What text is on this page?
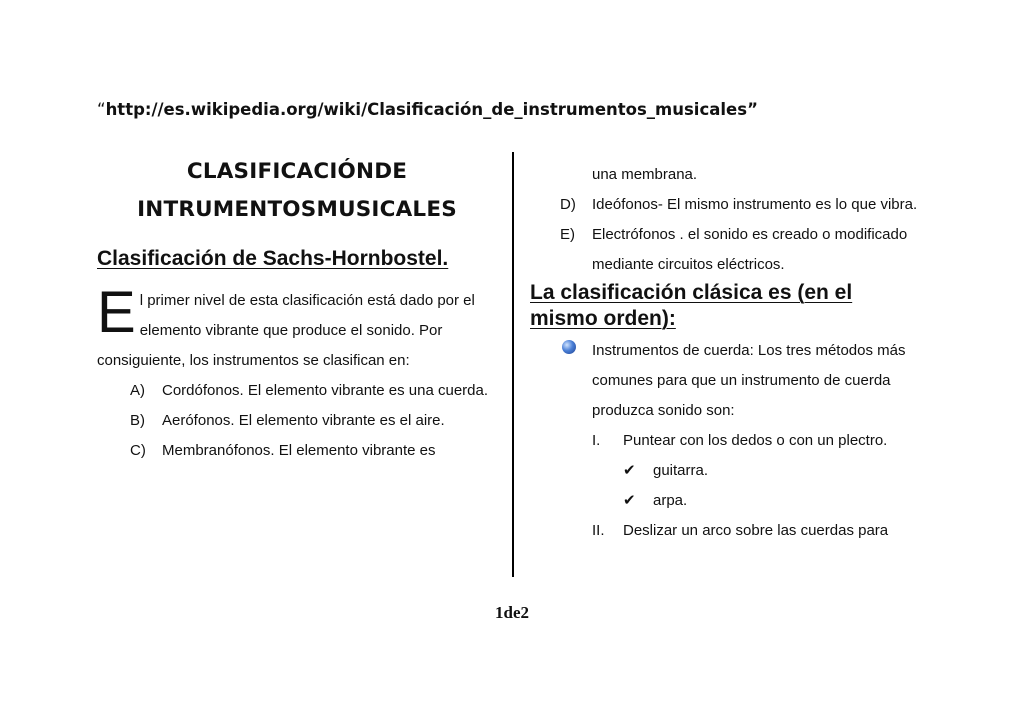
“http://es.wikipedia.org/wiki/Clasificación_de_instrumentos_musicales”
CLASIFICACIÓNDE
INTRUMENTOSMUSICALES
Clasificación de Sachs-Hornbostel.
E l primer nivel de esta clasificación está dado por el elemento vibrante que produce el sonido. Por consiguiente, los instrumentos se clasifican en:
A)	Cordófonos. El elemento vibrante es una cuerda.
B)	Aerófonos. El elemento vibrante es el aire.
C)	Membranófonos. El elemento vibrante es
una membrana.
D)	Ideófonos- El mismo instrumento es lo que vibra.
E)	Electrófonos . el sonido es creado o modificado mediante circuitos eléctricos.
La clasificación clásica es (en el mismo orden):
Instrumentos de cuerda: Los tres métodos más comunes para que un instrumento de cuerda produzca sonido son:
I.	Puntear con los dedos o con un plectro.
✔	guitarra.
✔	arpa.
II.	Deslizar un arco sobre las cuerdas para
1de2
